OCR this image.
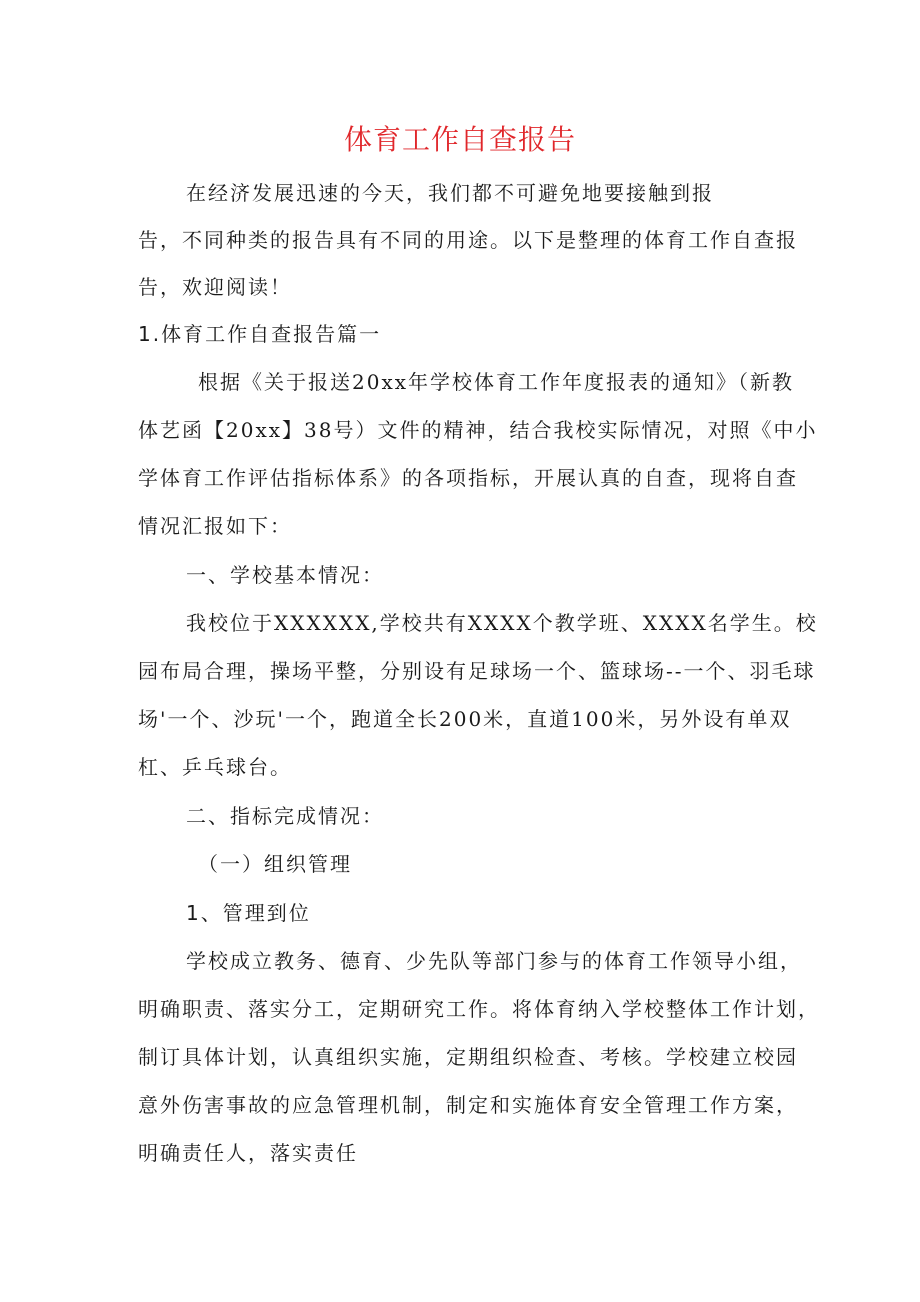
体育工作自查报告

在经济发展迅速的今天，我们都不可避免地要接触到报

告，不同种类的报告具有不同的用途。以下是整理的体育工作自查报

告，欢迎阅读！

1.体育工作自查报告篇一

根据《关于报送20xx年学校体育工作年度报表的通知》（新教

体艺函【20xx】38号）文件的精神，结合我校实际情况，对照《中小

学体育工作评估指标体系》的各项指标，开展认真的自查，现将自查

情况汇报如下：

一、学校基本情况：

我校位于XXXXXX,学校共有XXXX个教学班、XXXX名学生。校

园布局合理，操场平整，分别设有足球场一个、篮球场--一个、羽毛球

场'一个、沙玩'一个，跑道全长200米，直道100米，另外设有单双

杠、乒乓球台。

二、指标完成情况：

（一）组织管理

1、管理到位

学校成立教务、德育、少先队等部门参与的体育工作领导小组，

明确职责、落实分工，定期研究工作。将体育纳入学校整体工作计划，

制订具体计划，认真组织实施，定期组织检查、考核。学校建立校园

意外伤害事故的应急管理机制，制定和实施体育安全管理工作方案，

明确责任人，落实责任
